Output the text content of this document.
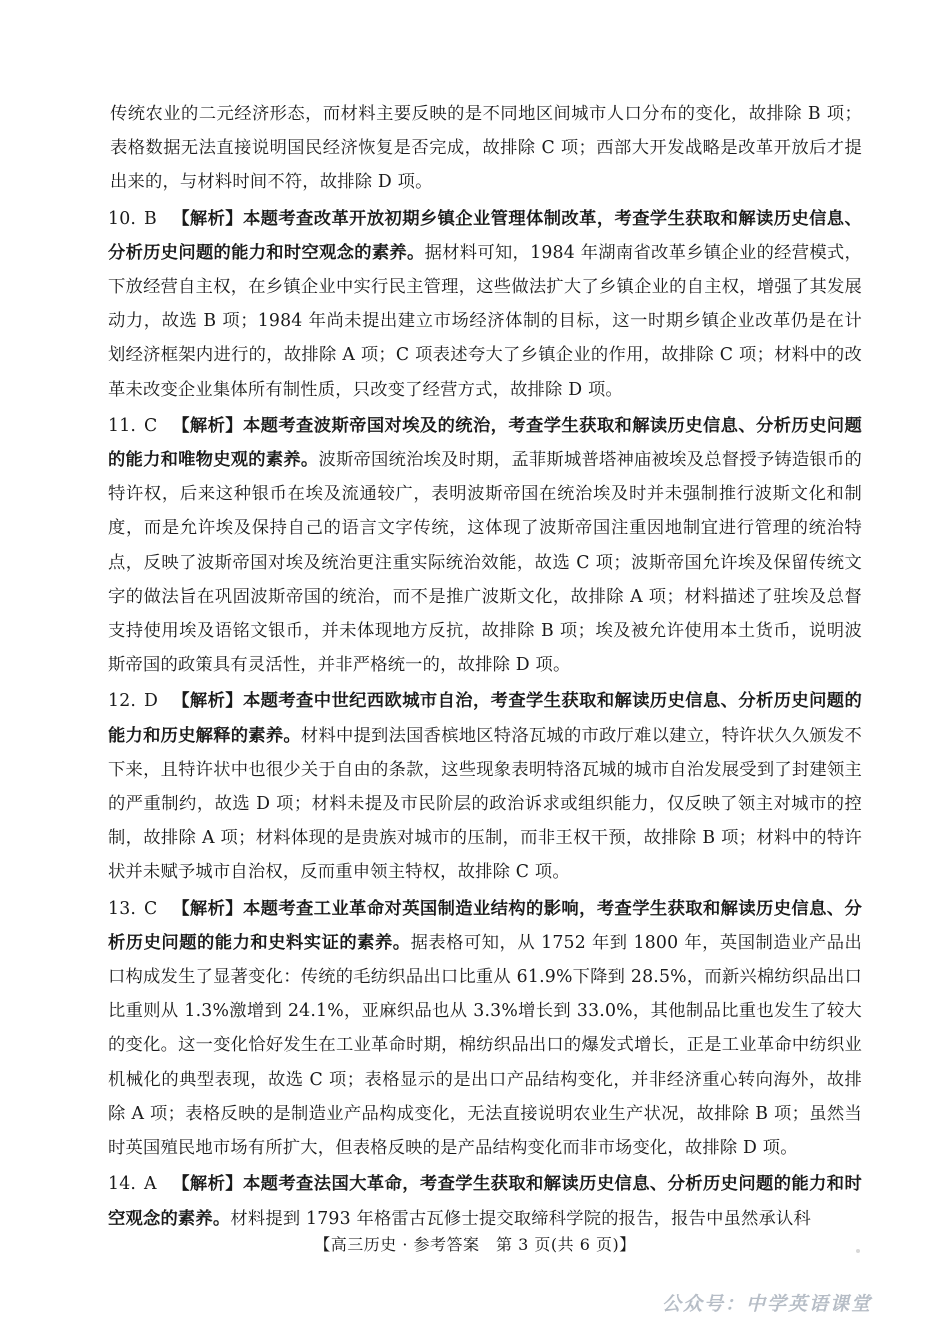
传统农业的二元经济形态，而材料主要反映的是不同地区间城市人口分布的变化，故排除 B 项；表格数据无法直接说明国民经济恢复是否完成，故排除 C 项；西部大开发战略是改革开放后才提出来的，与材料时间不符，故排除 D 项。

10. B 【解析】本题考查改革开放初期乡镇企业管理体制改革，考查学生获取和解读历史信息、分析历史问题的能力和时空观念的素养。据材料可知，1984 年湖南省改革乡镇企业的经营模式，下放经营自主权，在乡镇企业中实行民主管理，这些做法扩大了乡镇企业的自主权，增强了其发展动力，故选 B 项；1984 年尚未提出建立市场经济体制的目标，这一时期乡镇企业改革仍是在计划经济框架内进行的，故排除 A 项；C 项表述夸大了乡镇企业的作用，故排除 C 项；材料中的改革未改变企业集体所有制性质，只改变了经营方式，故排除 D 项。

11. C 【解析】本题考查波斯帝国对埃及的统治，考查学生获取和解读历史信息、分析历史问题的能力和唯物史观的素养。波斯帝国统治埃及时期，孟菲斯城普塔神庙被埃及总督授予铸造银币的特许权，后来这种银币在埃及流通较广，表明波斯帝国在统治埃及时并未强制推行波斯文化和制度，而是允许埃及保持自己的语言文字传统，这体现了波斯帝国注重因地制宜进行管理的统治特点，反映了波斯帝国对埃及统治更注重实际统治效能，故选 C 项；波斯帝国允许埃及保留传统文字的做法旨在巩固波斯帝国的统治，而不是推广波斯文化，故排除 A 项；材料描述了驻埃及总督支持使用埃及语铭文银币，并未体现地方反抗，故排除 B 项；埃及被允许使用本土货币，说明波斯帝国的政策具有灵活性，并非严格统一的，故排除 D 项。

12. D 【解析】本题考查中世纪西欧城市自治，考查学生获取和解读历史信息、分析历史问题的能力和历史解释的素养。材料中提到法国香槟地区特洛瓦城的市政厅难以建立，特许状久久颁发不下来，且特许状中也很少关于自由的条款，这些现象表明特洛瓦城的城市自治发展受到了封建领主的严重制约，故选 D 项；材料未提及市民阶层的政治诉求或组织能力，仅反映了领主对城市的控制，故排除 A 项；材料体现的是贵族对城市的压制，而非王权干预，故排除 B 项；材料中的特许状并未赋予城市自治权，反而重申领主特权，故排除 C 项。

13. C 【解析】本题考查工业革命对英国制造业结构的影响，考查学生获取和解读历史信息、分析历史问题的能力和史料实证的素养。据表格可知，从 1752 年到 1800 年，英国制造业产品出口构成发生了显著变化：传统的毛纺织品出口比重从 61.9%下降到 28.5%，而新兴棉纺织品出口比重则从 1.3%激增到 24.1%，亚麻织品也从 3.3%增长到 33.0%，其他制品比重也发生了较大的变化。这一变化恰好发生在工业革命时期，棉纺织品出口的爆发式增长，正是工业革命中纺织业机械化的典型表现，故选 C 项；表格显示的是出口产品结构变化，并非经济重心转向海外，故排除 A 项；表格反映的是制造业产品构成变化，无法直接说明农业生产状况，故排除 B 项；虽然当时英国殖民地市场有所扩大，但表格反映的是产品结构变化而非市场变化，故排除 D 项。

14. A 【解析】本题考查法国大革命，考查学生获取和解读历史信息、分析历史问题的能力和时空观念的素养。材料提到 1793 年格雷古瓦修士提交取缔科学院的报告，报告中虽然承认科

【高三历史 · 参考答案　第 3 页(共 6 页)】
公众号：中学英语课堂
